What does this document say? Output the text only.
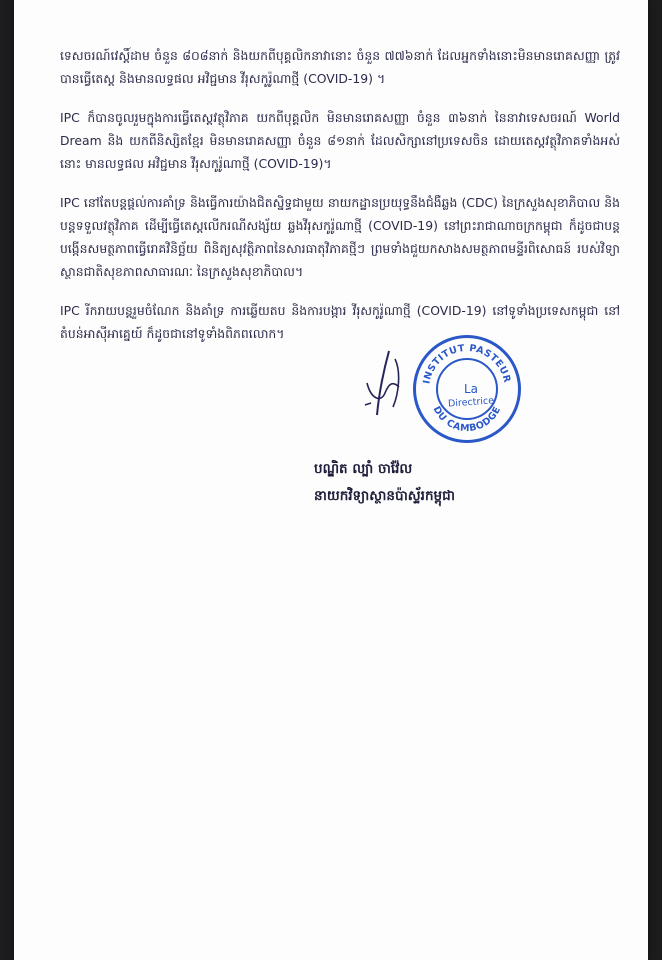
ទេសចរណ៍វេស្ដិ៍ដាម ចំនួន ៨០៨នាក់ និងយកពីបុគ្គលិកនាវានោះ ចំនួន ៧៧៦នាក់ ដែលអ្នកទាំងនោះមិនមានរោគសញ្ញា ត្រូវបានធ្វើតេស្ត និងមានលទ្ធផល អវិជ្ជមាន វីរុសកូរ៉ូណាថ្មី (COVID-19) ។

IPC ក៏បានចូលរួមក្នុងការធ្វើតេស្តវត្ថុវិភាគ យកពីបុគ្គលិក មិនមានរោគសញ្ញា ចំនួន ៣៦នាក់ នៃនាវាទេសចរណ៍ World Dream និង យកពីនិស្សិតខ្មែរ មិនមានរោគសញ្ញា ចំនួន ៨១នាក់ ដែលសិក្សានៅប្រទេសចិន ដោយតេស្តវត្ថុវិភាគទាំងអស់នោះ មានលទ្ធផល អវិជ្ជមាន វីរុសកូរ៉ូណាថ្មី (COVID-19)។

IPC នៅតែបន្តផ្តល់ការគាំទ្រ និងធ្វើការយ៉ាងជិតស្និទ្ធជាមួយ នាយកដ្ឋានប្រយុទ្ធនឹងជំងឺឆ្លង (CDC) នៃក្រសួងសុខាភិបាល និងបន្តទទួលវត្ថុវិភាគ ដើម្បីធ្វើតេស្តលើករណីសង្ស័យ ឆ្លងវីរុសកូរ៉ូណាថ្មី (COVID-19) នៅព្រះរាជាណាចក្រកម្ពុជា ក៏ដូចជាបន្តបង្កើនសមត្ថភាពធ្វើរោគវិនិច្ឆ័យ ពិនិត្យសុវត្ថិភាពនៃសារធាតុវិភាគថ្មីៗ ព្រមទាំងជួយកសាងសមត្ថភាពមន្ទីរពិសោធន៍ របស់វិទ្យាស្ថានជាតិសុខភាពសាធារណៈ នៃក្រសួងសុខាភិបាល។

IPC រីករាយបន្តរួមចំណែក និងគាំទ្រ ការឆ្លើយតប និងការបង្ការ វីរុសកូរ៉ូណាថ្មី (COVID-19) នៅទូទាំងប្រទេសកម្ពុជា នៅតំបន់អាស៊ីអាគ្នេយ៍ ក៏ដូចជានៅទូទាំងពិភពលោក។

INSTITUT PASTEUR
DU CAMBODGE
La
Directrice
បណ្ឌិត ល្បាំ ចាវ៉ែល
នាយកវិទ្យាស្ថានប៉ាស្ទ័រកម្ពុជា
